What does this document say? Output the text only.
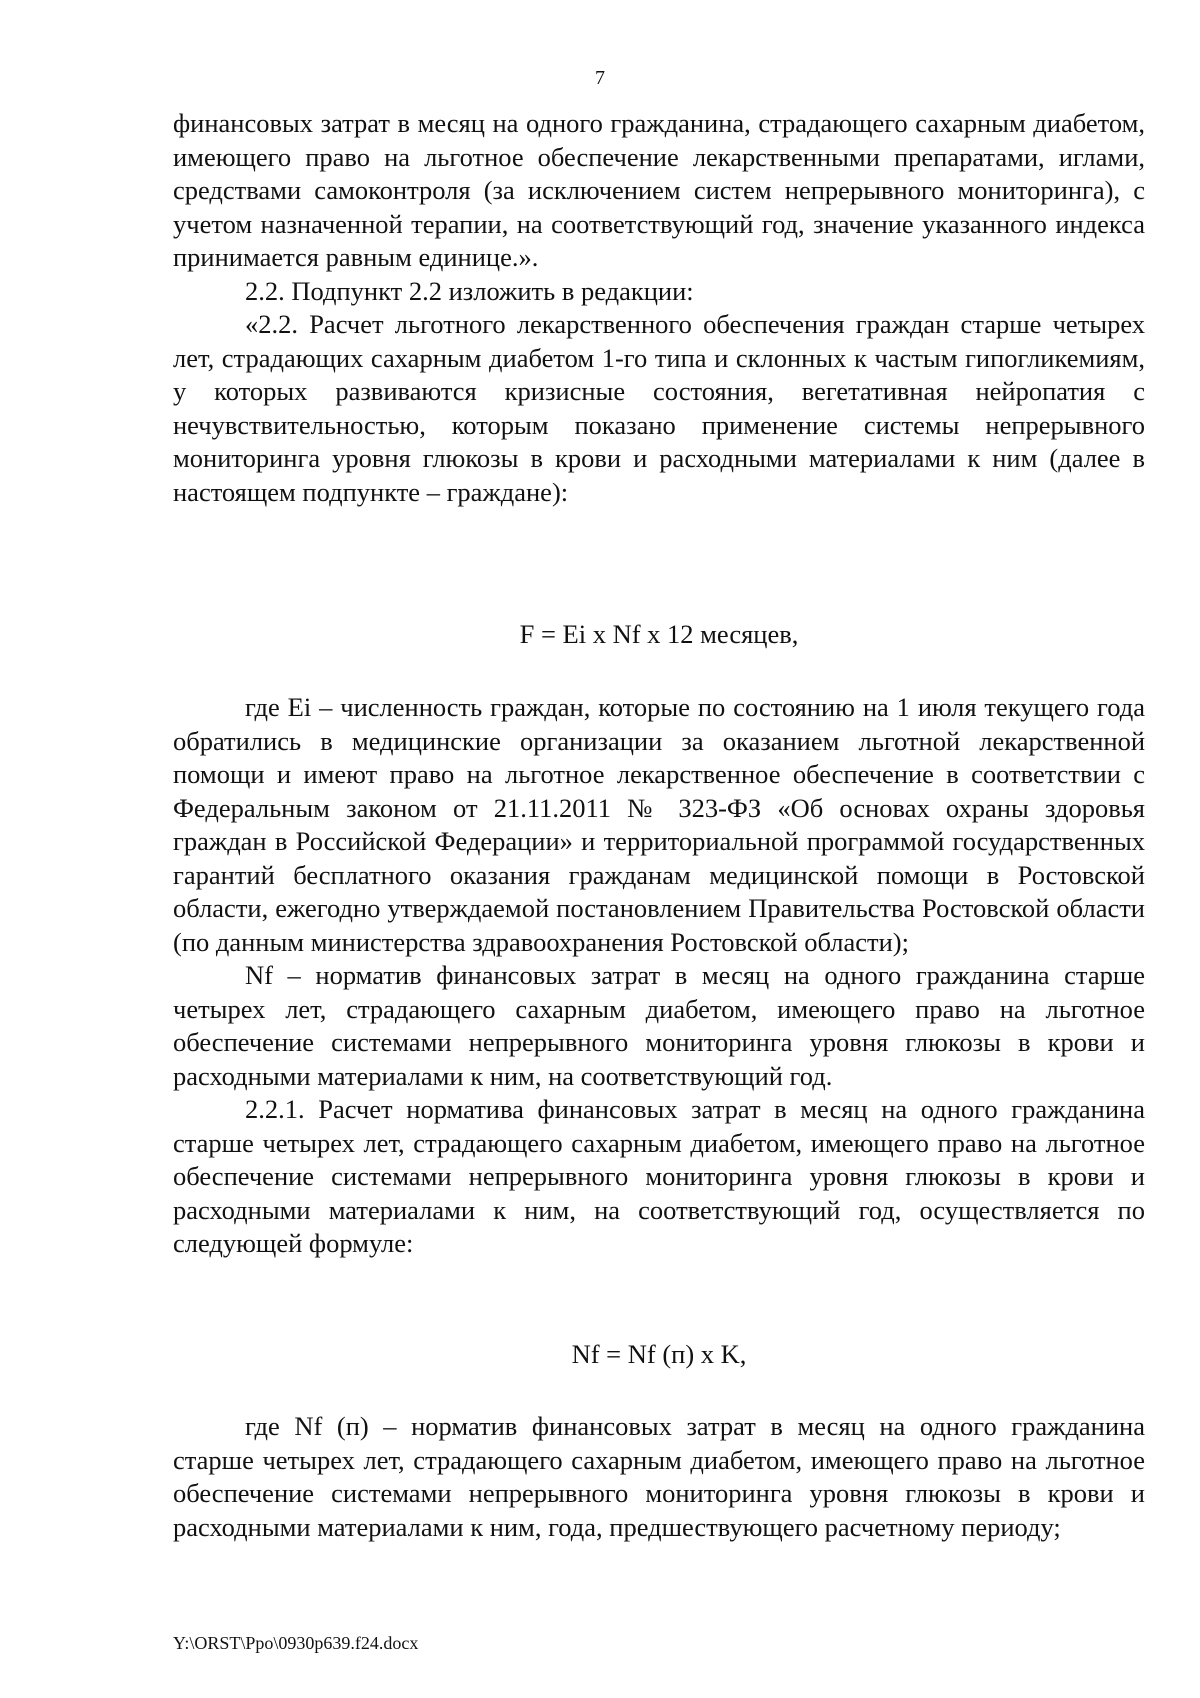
7

финансовых затрат в месяц на одного гражданина, страдающего сахарным диабетом, имеющего право на льготное обеспечение лекарственными препаратами, иглами, средствами самоконтроля (за исключением систем непрерывного мониторинга), с учетом назначенной терапии, на соответствующий год, значение указанного индекса принимается равным единице.».

2.2. Подпункт 2.2 изложить в редакции:

«2.2. Расчет льготного лекарственного обеспечения граждан старше четырех лет, страдающих сахарным диабетом 1-го типа и склонных к частым гипогликемиям, у которых развиваются кризисные состояния, вегетативная нейропатия с нечувствительностью, которым показано применение системы непрерывного мониторинга уровня глюкозы в крови и расходными материалами к ним (далее в настоящем подпункте – граждане):

F = Ei x Nf x 12 месяцев,

где Ei – численность граждан, которые по состоянию на 1 июля текущего года обратились в медицинские организации за оказанием льготной лекарственной помощи и имеют право на льготное лекарственное обеспечение в соответствии с Федеральным законом от 21.11.2011 № 323-ФЗ «Об основах охраны здоровья граждан в Российской Федерации» и территориальной программой государственных гарантий бесплатного оказания гражданам медицинской помощи в Ростовской области, ежегодно утверждаемой постановлением Правительства Ростовской области (по данным министерства здравоохранения Ростовской области);

Nf – норматив финансовых затрат в месяц на одного гражданина старше четырех лет, страдающего сахарным диабетом, имеющего право на льготное обеспечение системами непрерывного мониторинга уровня глюкозы в крови и расходными материалами к ним, на соответствующий год.

2.2.1. Расчет норматива финансовых затрат в месяц на одного гражданина старше четырех лет, страдающего сахарным диабетом, имеющего право на льготное обеспечение системами непрерывного мониторинга уровня глюкозы в крови и расходными материалами к ним, на соответствующий год, осуществляется по следующей формуле:

Nf = Nf (п) x K,

где Nf (п) – норматив финансовых затрат в месяц на одного гражданина старше четырех лет, страдающего сахарным диабетом, имеющего право на льготное обеспечение системами непрерывного мониторинга уровня глюкозы в крови и расходными материалами к ним, года, предшествующего расчетному периоду;

Y:\ORST\Ppo\0930p639.f24.docx
